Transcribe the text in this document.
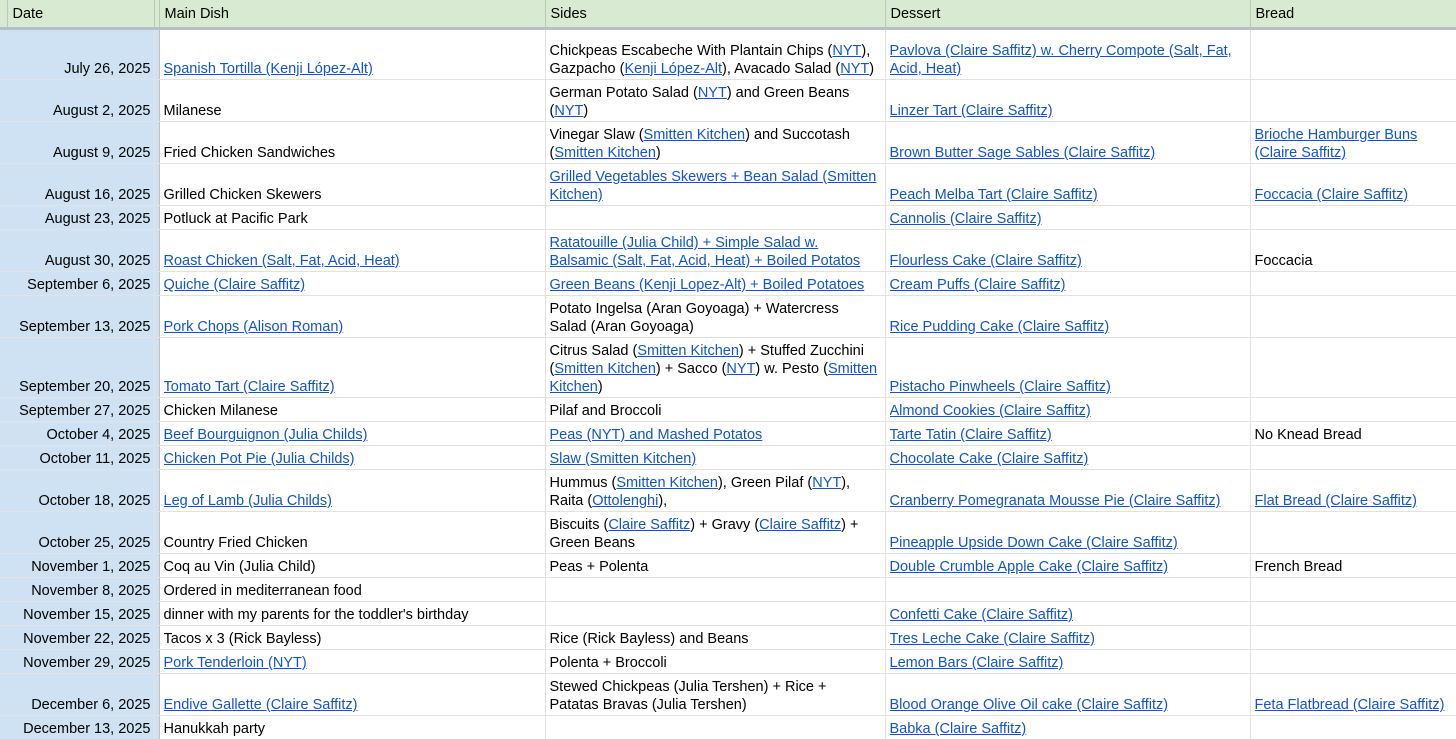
	Date		Main Dish	Sides	Dessert	Bread
	July 26, 2025		Spanish Tortilla (Kenji López-Alt)	Chickpeas Escabeche With Plantain Chips (NYT), Gazpacho (Kenji López-Alt), Avacado Salad (NYT)	Pavlova (Claire Saffitz) w. Cherry Compote (Salt, Fat, Acid, Heat)	

	August 2, 2025		Milanese	German Potato Salad (NYT) and Green Beans (NYT)	Linzer Tart (Claire Saffitz)	

	August 9, 2025		Fried Chicken Sandwiches	Vinegar Slaw (Smitten Kitchen) and Succotash (Smitten Kitchen)	Brown Butter Sage Sables (Claire Saffitz)	Brioche Hamburger Buns (Claire Saffitz)

	August 16, 2025		Grilled Chicken Skewers	Grilled Vegetables Skewers + Bean Salad (Smitten Kitchen)	Peach Melba Tart (Claire Saffitz)	Foccacia (Claire Saffitz)

	August 23, 2025		Potluck at Pacific Park		Cannolis (Claire Saffitz)	

	August 30, 2025		Roast Chicken (Salt, Fat, Acid, Heat)	Ratatouille (Julia Child) + Simple Salad w. Balsamic (Salt, Fat, Acid, Heat) + Boiled Potatos	Flourless Cake (Claire Saffitz)	Foccacia

	September 6, 2025		Quiche (Claire Saffitz)	Green Beans (Kenji Lopez-Alt) + Boiled Potatoes	Cream Puffs (Claire Saffitz)	

	September 13, 2025		Pork Chops (Alison Roman)	Potato Ingelsa (Aran Goyoaga) + Watercress Salad (Aran Goyoaga)	Rice Pudding Cake (Claire Saffitz)	

	September 20, 2025		Tomato Tart (Claire Saffitz)	Citrus Salad (Smitten Kitchen) + Stuffed Zucchini (Smitten Kitchen) + Sacco (NYT) w. Pesto (Smitten Kitchen)	Pistacho Pinwheels (Claire Saffitz)	

	September 27, 2025		Chicken Milanese	Pilaf and Broccoli	Almond Cookies (Claire Saffitz)	

	October 4, 2025		Beef Bourguignon (Julia Childs)	Peas (NYT) and Mashed Potatos	Tarte Tatin (Claire Saffitz)	No Knead Bread

	October 11, 2025		Chicken Pot Pie (Julia Childs)	Slaw (Smitten Kitchen)	Chocolate Cake (Claire Saffitz)	

	October 18, 2025		Leg of Lamb (Julia Childs)	Hummus (Smitten Kitchen), Green Pilaf (NYT), Raita (Ottolenghi),	Cranberry Pomegranata Mousse Pie (Claire Saffitz)	Flat Bread (Claire Saffitz)

	October 25, 2025		Country Fried Chicken	Biscuits (Claire Saffitz) + Gravy (Claire Saffitz) + Green Beans	Pineapple Upside Down Cake (Claire Saffitz)	

	November 1, 2025		Coq au Vin (Julia Child)	Peas + Polenta	Double Crumble Apple Cake (Claire Saffitz)	French Bread

	November 8, 2025		Ordered in mediterranean food			

	November 15, 2025		dinner with my parents for the toddler's birthday		Confetti Cake (Claire Saffitz)	

	November 22, 2025		Tacos x 3 (Rick Bayless)	Rice (Rick Bayless) and Beans	Tres Leche Cake (Claire Saffitz)	

	November 29, 2025		Pork Tenderloin (NYT)	Polenta + Broccoli	Lemon Bars (Claire Saffitz)	

	December 6, 2025		Endive Gallette (Claire Saffitz)	Stewed Chickpeas (Julia Tershen) + Rice + Patatas Bravas (Julia Tershen)	Blood Orange Olive Oil cake (Claire Saffitz)	Feta Flatbread (Claire Saffitz)

	December 13, 2025		Hanukkah party		Babka (Claire Saffitz)	
